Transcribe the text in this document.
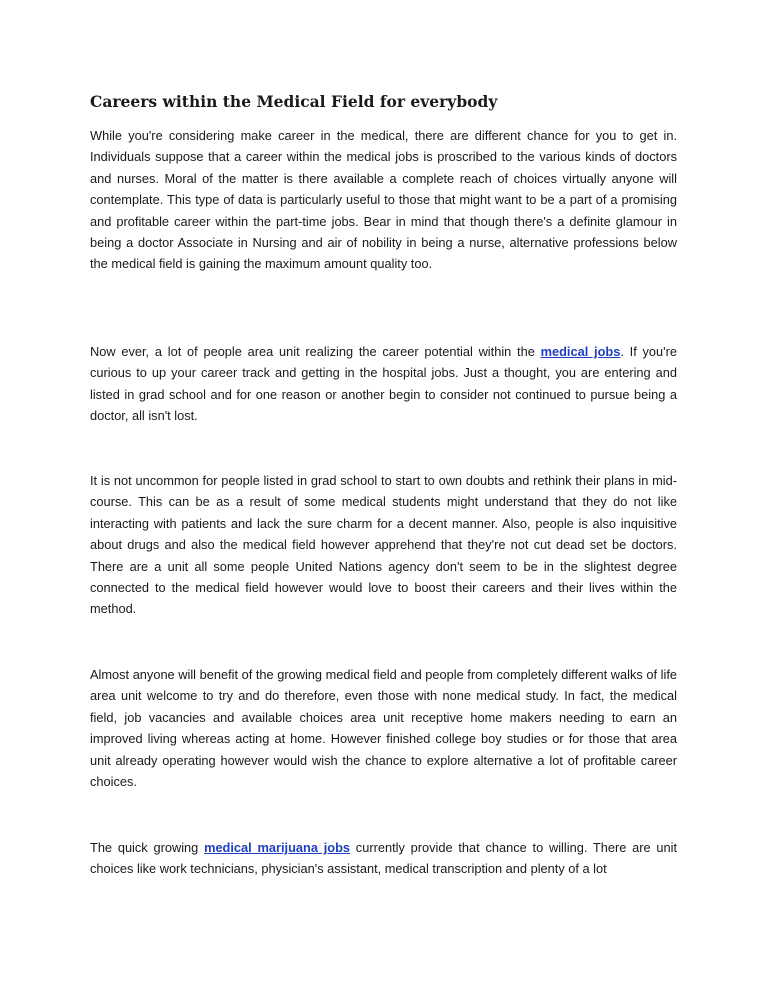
Careers within the Medical Field for everybody

While you're considering make career in the medical, there are different chance for you to get in. Individuals suppose that a career within the medical jobs is proscribed to the various kinds of doctors and nurses. Moral of the matter is there available a complete reach of choices virtually anyone will contemplate. This type of data is particularly useful to those that might want to be a part of a promising and profitable career within the part-time jobs. Bear in mind that though there's a definite glamour in being a doctor Associate in Nursing and air of nobility in being a nurse, alternative professions below the medical field is gaining the maximum amount quality too.

Now ever, a lot of people area unit realizing the career potential within the medical jobs. If you're curious to up your career track and getting in the hospital jobs. Just a thought, you are entering and listed in grad school and for one reason or another begin to consider not continued to pursue being a doctor, all isn't lost.

It is not uncommon for people listed in grad school to start to own doubts and rethink their plans in mid-course. This can be as a result of some medical students might understand that they do not like interacting with patients and lack the sure charm for a decent manner. Also, people is also inquisitive about drugs and also the medical field however apprehend that they're not cut dead set be doctors. There are a unit all some people United Nations agency don't seem to be in the slightest degree connected to the medical field however would love to boost their careers and their lives within the method.

Almost anyone will benefit of the growing medical field and people from completely different walks of life area unit welcome to try and do therefore, even those with none medical study. In fact, the medical field, job vacancies and available choices area unit receptive home makers needing to earn an improved living whereas acting at home. However finished college boy studies or for those that area unit already operating however would wish the chance to explore alternative a lot of profitable career choices.

The quick growing medical marijuana jobs currently provide that chance to willing. There are unit choices like work technicians, physician's assistant, medical transcription and plenty of a lot
